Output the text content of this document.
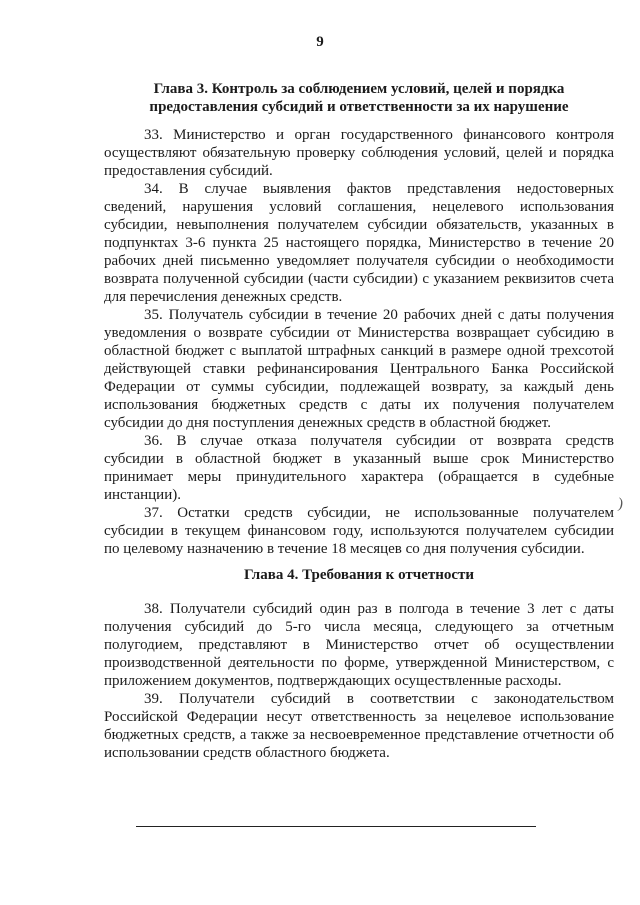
9
Глава 3. Контроль за соблюдением условий, целей и порядка
предоставления субсидий и ответственности за их нарушение
33. Министерство и орган государственного финансового контроля
осуществляют обязательную проверку соблюдения условий, целей и порядка
предоставления субсидий.
34. В случае выявления фактов представления недостоверных
сведений, нарушения условий соглашения, нецелевого использования
субсидии, невыполнения получателем субсидии обязательств, указанных в
подпунктах 3-6 пункта 25 настоящего порядка, Министерство в течение 20
рабочих дней письменно уведомляет получателя субсидии о необходимости
возврата полученной субсидии (части субсидии) с указанием реквизитов счета
для перечисления денежных средств.
35. Получатель субсидии в течение 20 рабочих дней с даты получения
уведомления о возврате субсидии от Министерства возвращает субсидию в
областной бюджет с выплатой штрафных санкций в размере одной трехсотой
действующей ставки рефинансирования Центрального Банка Российской
Федерации от суммы субсидии, подлежащей возврату, за каждый день
использования бюджетных средств с даты их получения получателем
субсидии до дня поступления денежных средств в областной бюджет.
36. В случае отказа получателя субсидии от возврата средств
субсидии в областной бюджет в указанный выше срок Министерство
принимает меры принудительного характера (обращается в судебные
инстанции).
37. Остатки средств субсидии, не использованные получателем
субсидии в текущем финансовом году, используются получателем субсидии
по целевому назначению в течение 18 месяцев со дня получения субсидии.
)
Глава 4. Требования к отчетности
38. Получатели субсидий один раз в полгода в течение 3 лет с даты
получения субсидий до 5-го числа месяца, следующего за отчетным
полугодием, представляют в Министерство отчет об осуществлении
производственной деятельности по форме, утвержденной Министерством, с
приложением документов, подтверждающих осуществленные расходы.
39. Получатели субсидий в соответствии с законодательством
Российской Федерации несут ответственность за нецелевое использование
бюджетных средств, а также за несвоевременное представление отчетности об
использовании средств областного бюджета.
